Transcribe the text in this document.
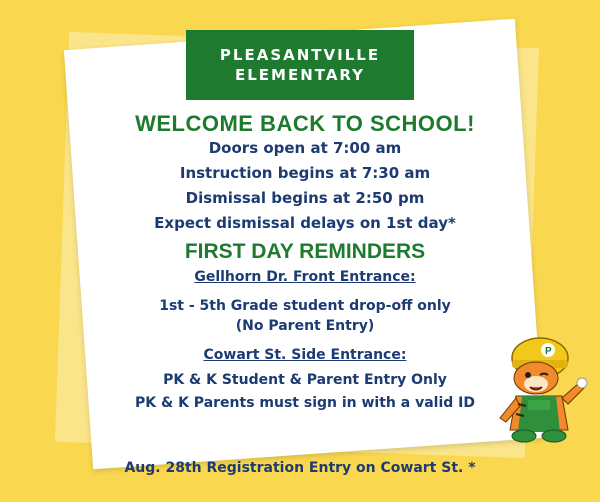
PLEASANTVILLE
ELEMENTARY
WELCOME BACK TO SCHOOL!
Doors open at 7:00 am
Instruction begins at 7:30 am
Dismissal begins at 2:50 pm
Expect dismissal delays on 1st day*
FIRST DAY REMINDERS
Gellhorn Dr. Front Entrance:
1st - 5th Grade student drop-off only
(No Parent Entry)
Cowart St. Side Entrance:
PK & K Student & Parent Entry Only
PK & K Parents must sign in with a valid ID
P
Aug. 28th Registration Entry on Cowart St. *
